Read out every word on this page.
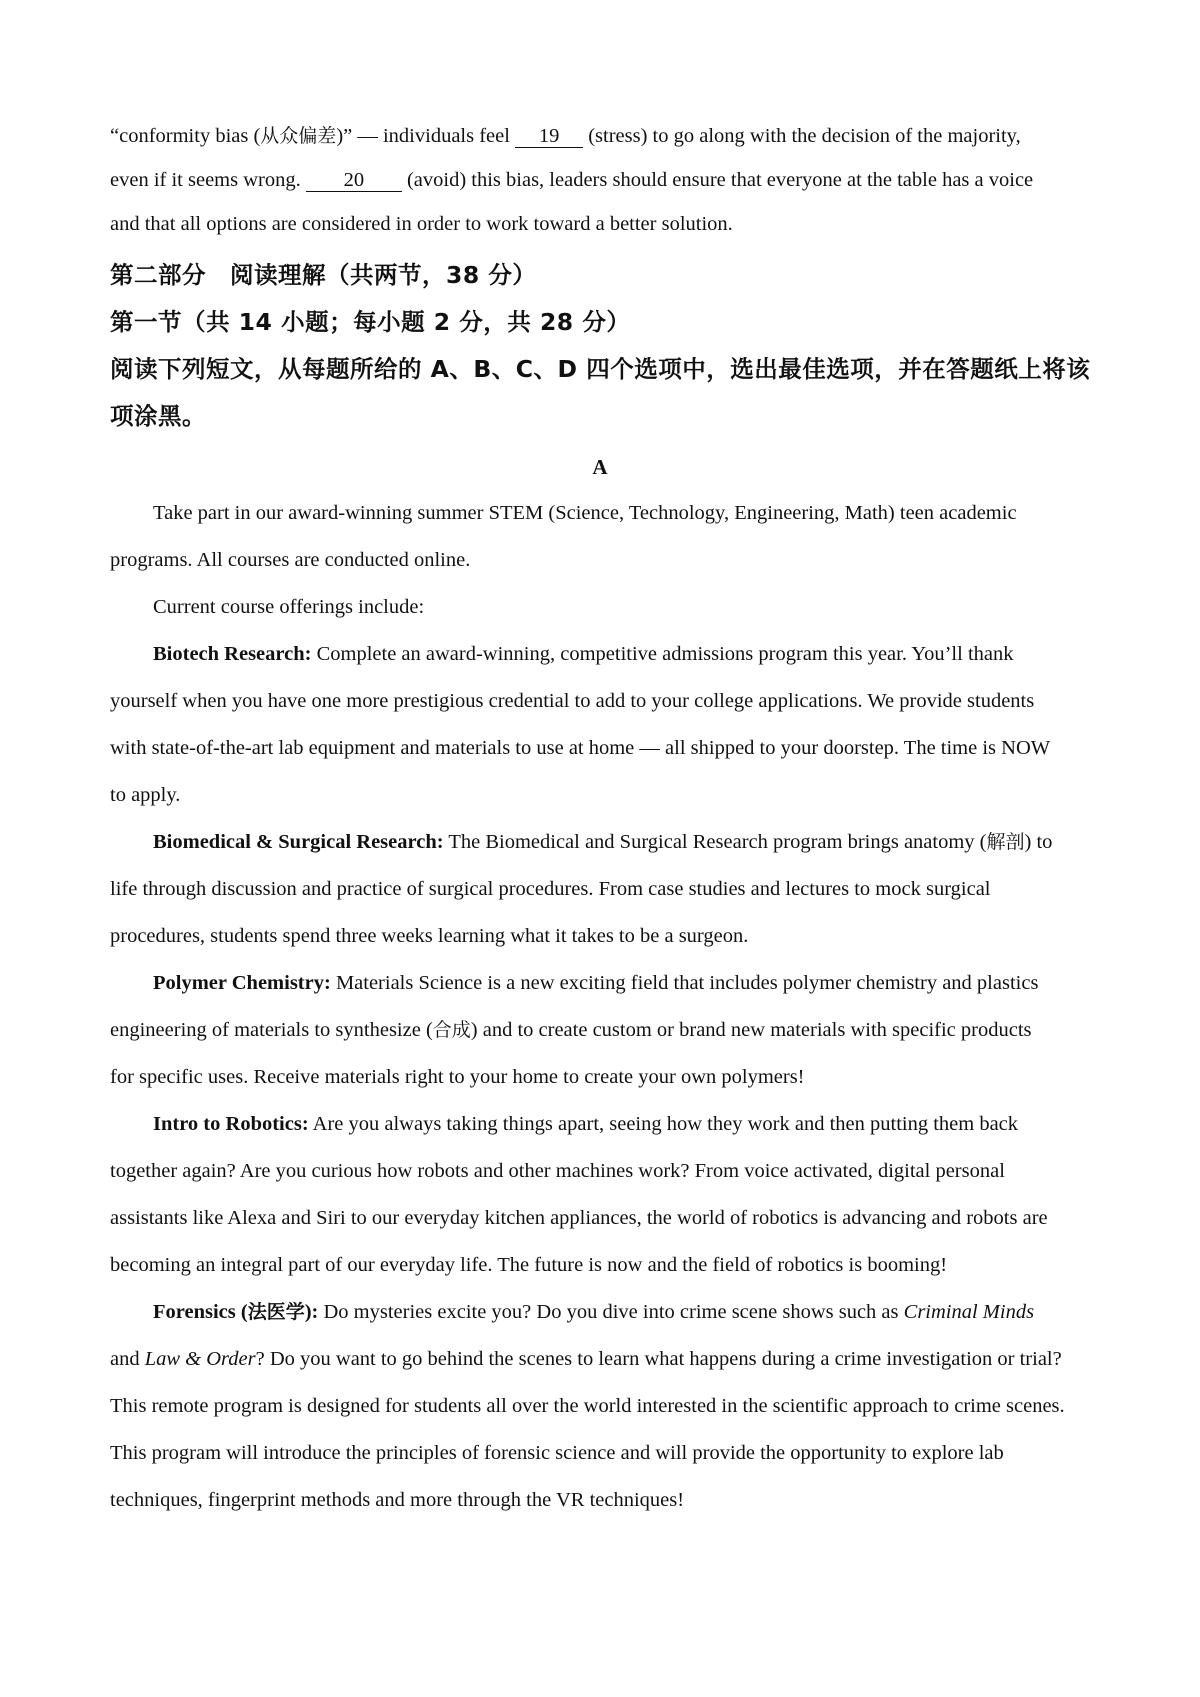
“conformity bias (从众偏差)” — individuals feel 19 (stress) to go along with the decision of the majority,
even if it seems wrong. 20 (avoid) this bias, leaders should ensure that everyone at the table has a voice
and that all options are considered in order to work toward a better solution.
第二部分　阅读理解（共两节，38 分）
第一节（共 14 小题；每小题 2 分，共 28 分）
阅读下列短文，从每题所给的 A、B、C、D 四个选项中，选出最佳选项，并在答题纸上将该
项涂黑。
A
Take part in our award-winning summer STEM (Science, Technology, Engineering, Math) teen academic
programs. All courses are conducted online.
Current course offerings include:
Biotech Research: Complete an award-winning, competitive admissions program this year. You’ll thank
yourself when you have one more prestigious credential to add to your college applications. We provide students
with state-of-the-art lab equipment and materials to use at home — all shipped to your doorstep. The time is NOW
to apply.
Biomedical & Surgical Research: The Biomedical and Surgical Research program brings anatomy (解剖) to
life through discussion and practice of surgical procedures. From case studies and lectures to mock surgical
procedures, students spend three weeks learning what it takes to be a surgeon.
Polymer Chemistry: Materials Science is a new exciting field that includes polymer chemistry and plastics
engineering of materials to synthesize (合成) and to create custom or brand new materials with specific products
for specific uses. Receive materials right to your home to create your own polymers!
Intro to Robotics: Are you always taking things apart, seeing how they work and then putting them back
together again? Are you curious how robots and other machines work? From voice activated, digital personal
assistants like Alexa and Siri to our everyday kitchen appliances, the world of robotics is advancing and robots are
becoming an integral part of our everyday life. The future is now and the field of robotics is booming!
Forensics (法医学): Do mysteries excite you? Do you dive into crime scene shows such as Criminal Minds
and Law & Order? Do you want to go behind the scenes to learn what happens during a crime investigation or trial?
This remote program is designed for students all over the world interested in the scientific approach to crime scenes.
This program will introduce the principles of forensic science and will provide the opportunity to explore lab
techniques, fingerprint methods and more through the VR techniques!
